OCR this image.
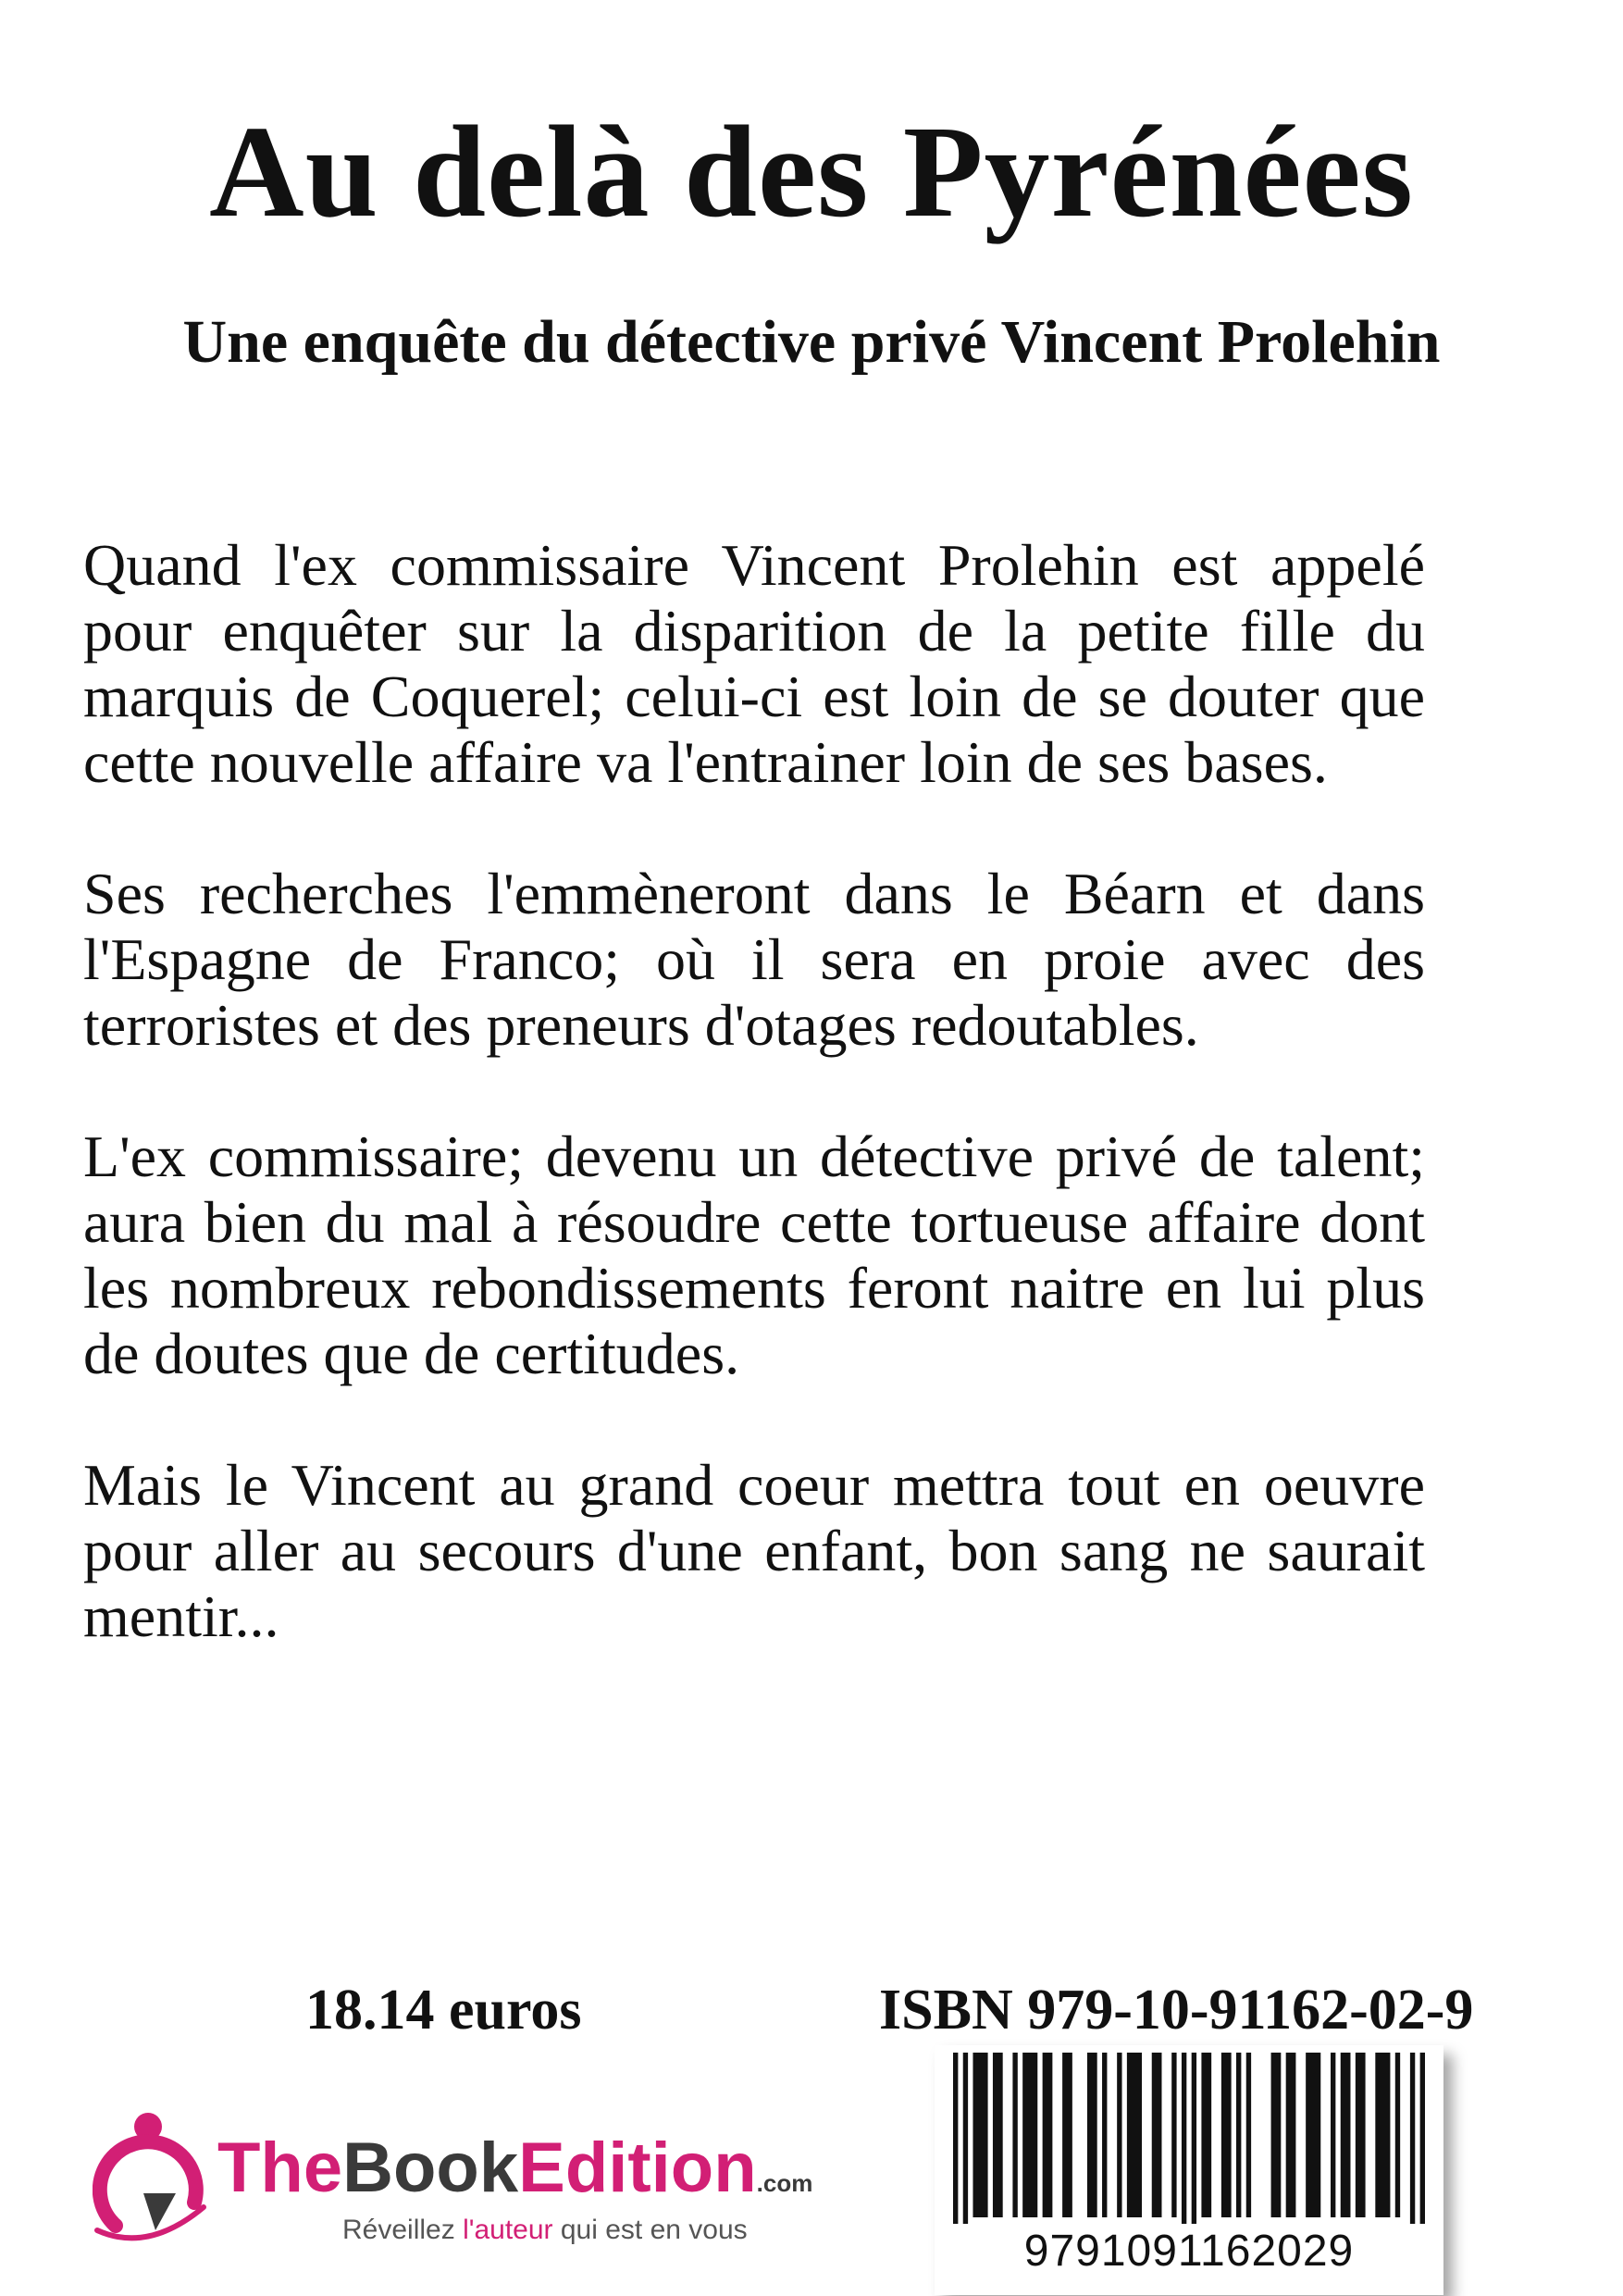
Au delà des Pyrénées
Une enquête du détective privé Vincent Prolehin

Quand l'ex commissaire Vincent Prolehin est appelé pour enquêter sur la disparition de la petite fille du marquis de Coquerel; celui-ci est loin de se douter que cette nouvelle affaire va l'entrainer loin de ses bases.

Ses recherches l'emmèneront dans le Béarn et dans l'Espagne de Franco; où il sera en proie avec des terroristes et des preneurs d'otages redoutables.

L'ex commissaire; devenu un détective privé de talent; aura bien du mal à résoudre cette tortueuse affaire dont les nombreux rebondissements feront naitre en lui plus de doutes que de certitudes.

Mais le Vincent au grand coeur mettra tout en oeuvre pour aller au secours d'une enfant, bon sang ne saurait mentir...

18.14 euros	ISBN 979-10-91162-02-9

9791091162029
TheBookEdition.com
Réveillez l'auteur qui est en vous
